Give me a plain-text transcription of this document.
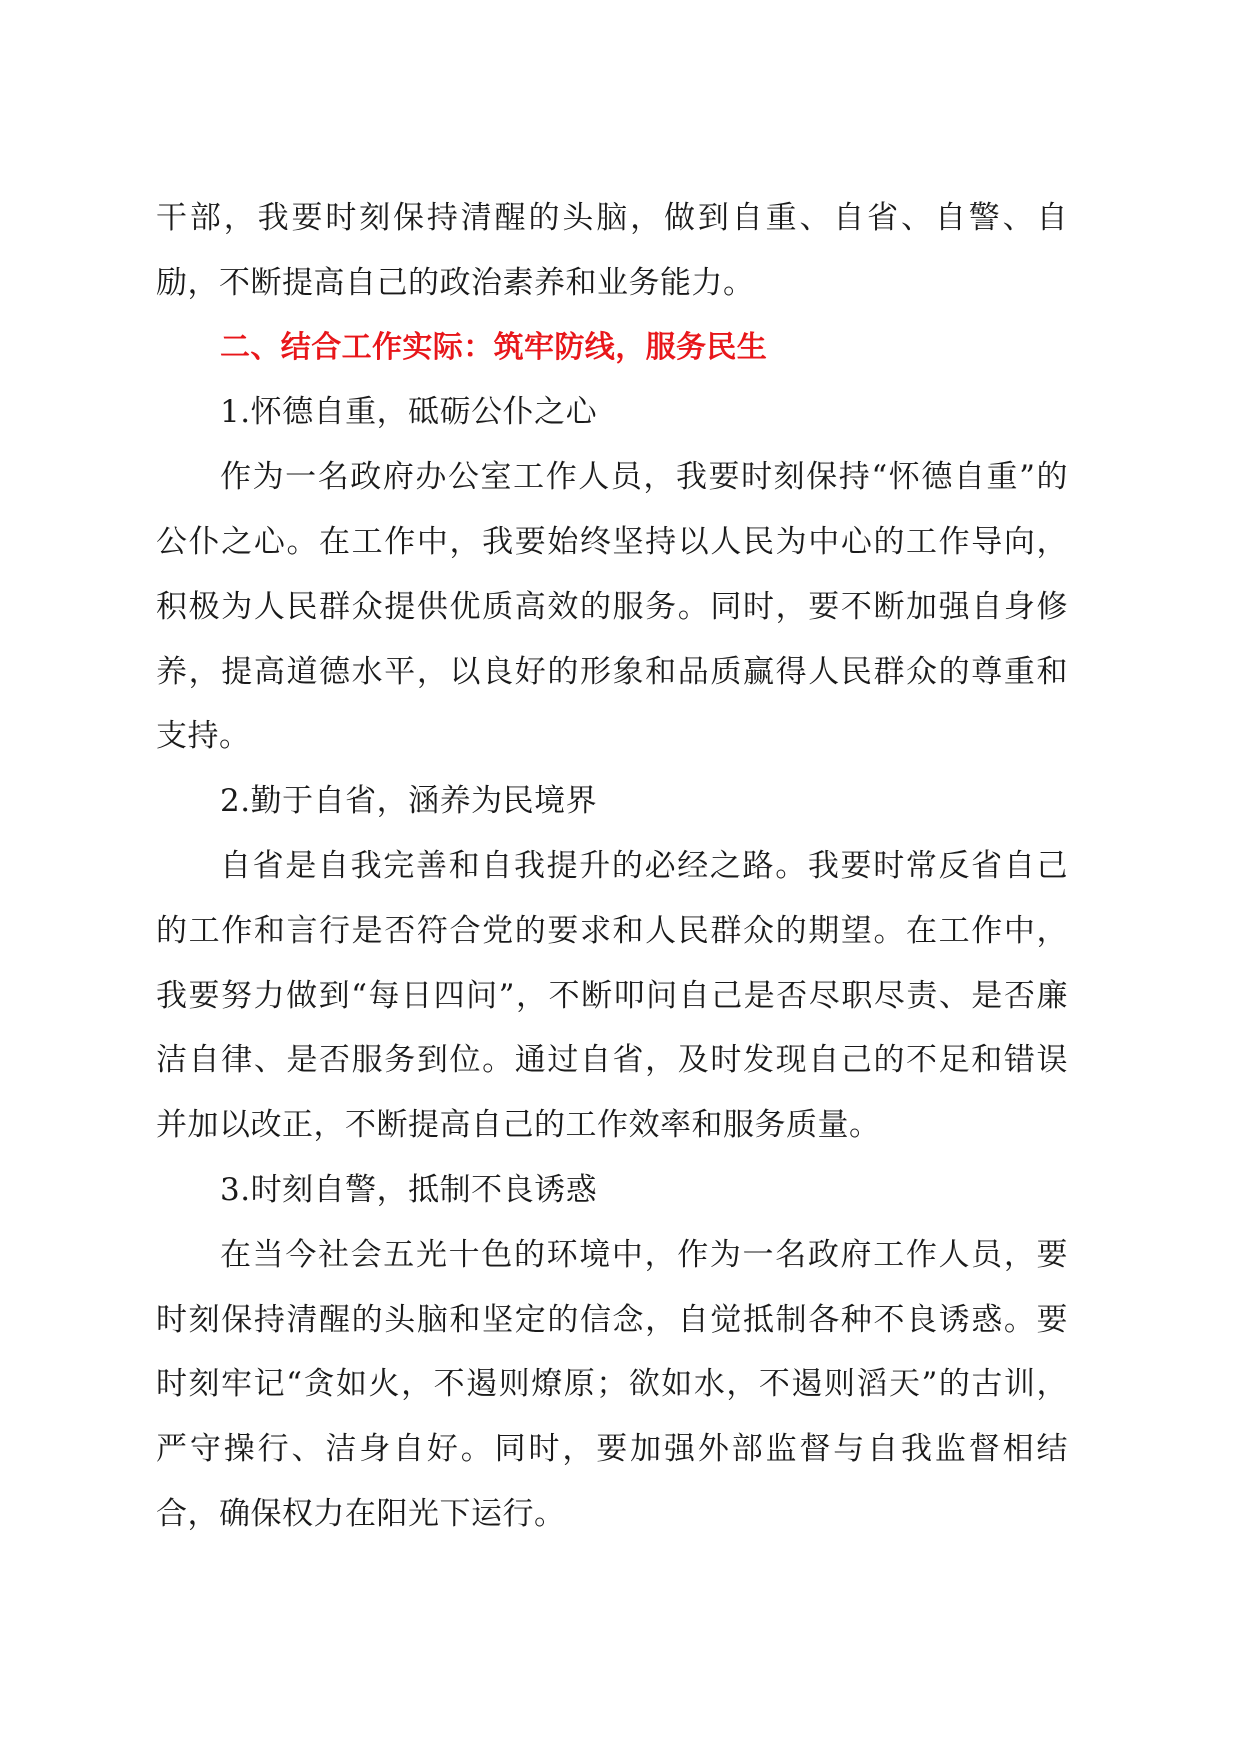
干部，我要时刻保持清醒的头脑，做到自重、自省、自警、自励，不断提高自己的政治素养和业务能力。

二、结合工作实际：筑牢防线，服务民生

1.怀德自重，砥砺公仆之心

作为一名政府办公室工作人员，我要时刻保持“怀德自重”的公仆之心。在工作中，我要始终坚持以人民为中心的工作导向，积极为人民群众提供优质高效的服务。同时，要不断加强自身修养，提高道德水平，以良好的形象和品质赢得人民群众的尊重和支持。

2.勤于自省，涵养为民境界

自省是自我完善和自我提升的必经之路。我要时常反省自己的工作和言行是否符合党的要求和人民群众的期望。在工作中，我要努力做到“每日四问”，不断叩问自己是否尽职尽责、是否廉洁自律、是否服务到位。通过自省，及时发现自己的不足和错误并加以改正，不断提高自己的工作效率和服务质量。

3.时刻自警，抵制不良诱惑

在当今社会五光十色的环境中，作为一名政府工作人员，要时刻保持清醒的头脑和坚定的信念，自觉抵制各种不良诱惑。要时刻牢记“贪如火，不遏则燎原；欲如水，不遏则滔天”的古训，严守操行、洁身自好。同时，要加强外部监督与自我监督相结合，确保权力在阳光下运行。
